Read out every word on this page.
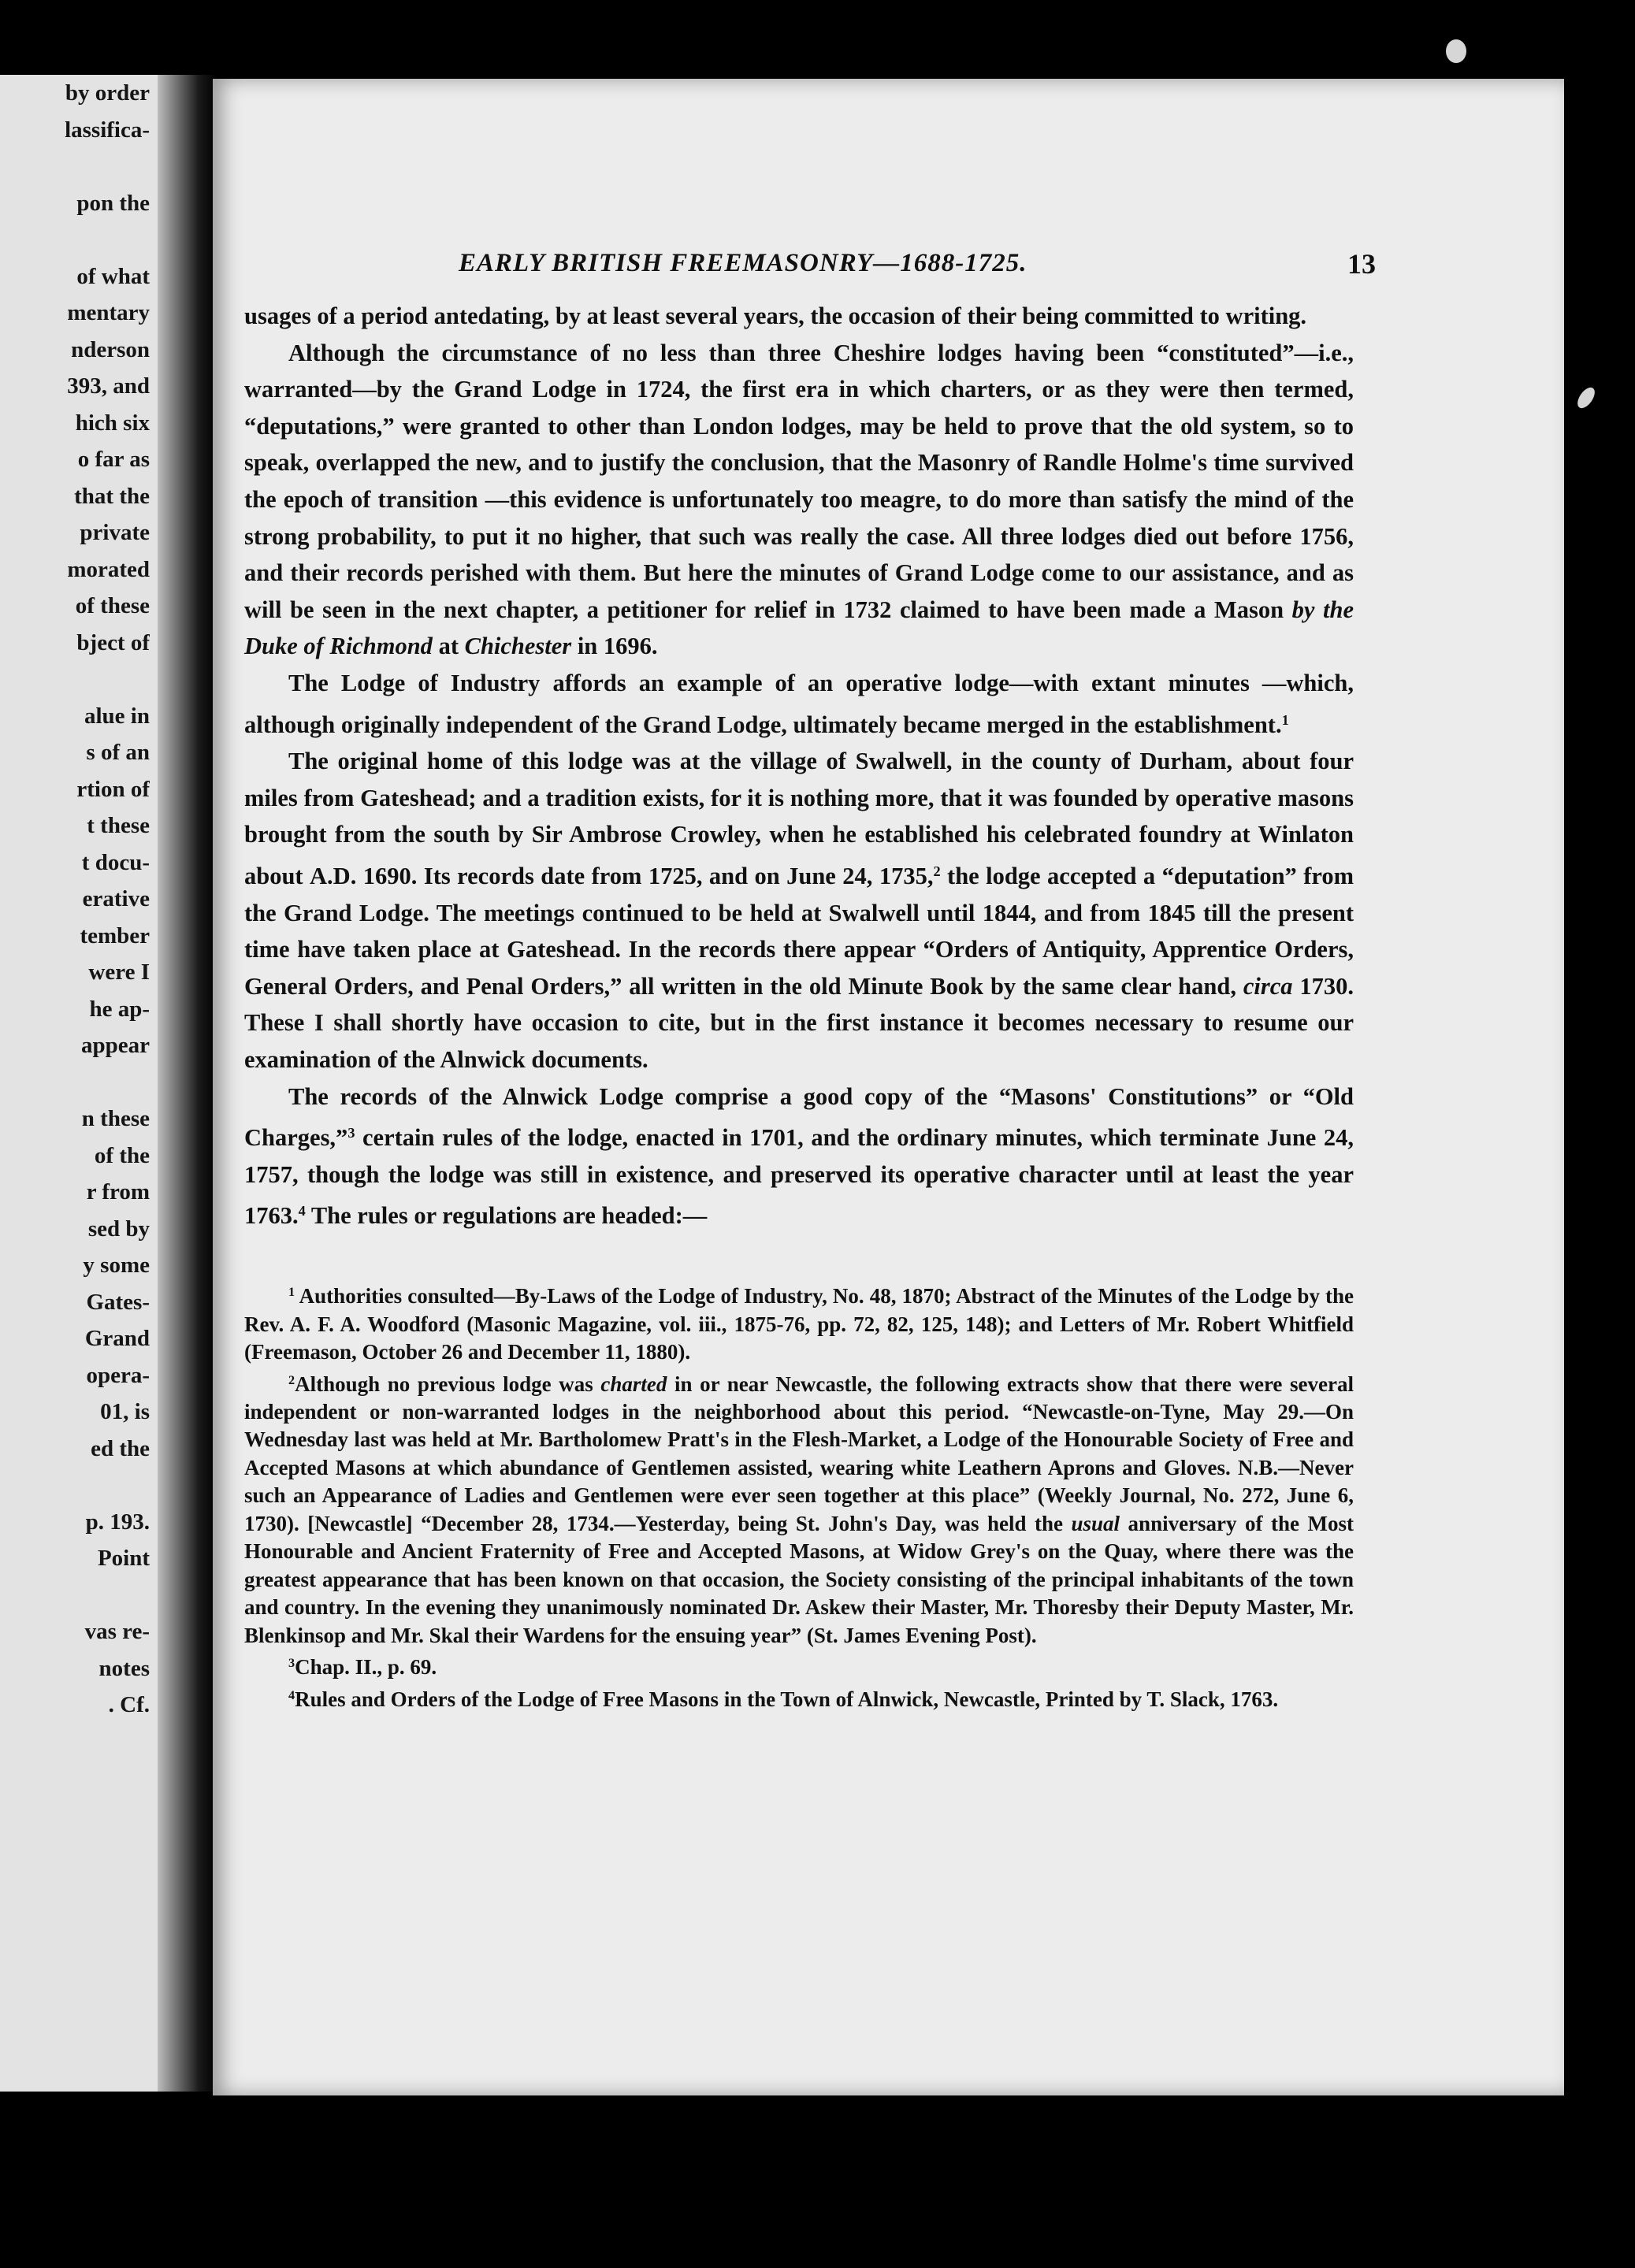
by order
lassifica-

pon the

of what
mentary
nderson
393, and
hich six
o far as
that the
private
morated
of these
bject of

alue in
s of an
rtion of
t these
t docu-
erative
tember
were I
he ap-
appear

n these
of the
r from
sed by
y some
Gates-
Grand
opera-
01, is
ed the

p. 193.
Point

vas re-
notes
. Cf.
EARLY BRITISH FREEMASONRY—1688-1725.	13

usages of a period antedating, by at least several years, the occasion of their being committed to writing.

Although the circumstance of no less than three Cheshire lodges having been “constituted”—i.e., warranted—by the Grand Lodge in 1724, the first era in which charters, or as they were then termed, “deputations,” were granted to other than London lodges, may be held to prove that the old system, so to speak, overlapped the new, and to justify the conclusion, that the Masonry of Randle Holme's time survived the epoch of transition —this evidence is unfortunately too meagre, to do more than satisfy the mind of the strong probability, to put it no higher, that such was really the case. All three lodges died out before 1756, and their records perished with them. But here the minutes of Grand Lodge come to our assistance, and as will be seen in the next chapter, a petitioner for relief in 1732 claimed to have been made a Mason by the Duke of Richmond at Chichester in 1696.

The Lodge of Industry affords an example of an operative lodge—with extant minutes —which, although originally independent of the Grand Lodge, ultimately became merged in the establishment.$^1$

The original home of this lodge was at the village of Swalwell, in the county of Durham, about four miles from Gateshead; and a tradition exists, for it is nothing more, that it was founded by operative masons brought from the south by Sir Ambrose Crowley, when he established his celebrated foundry at Winlaton about A.D. 1690. Its records date from 1725, and on June 24, 1735,$^2$ the lodge accepted a “deputation” from the Grand Lodge. The meetings continued to be held at Swalwell until 1844, and from 1845 till the present time have taken place at Gateshead. In the records there appear “Orders of Antiquity, Apprentice Orders, General Orders, and Penal Orders,” all written in the old Minute Book by the same clear hand, circa 1730. These I shall shortly have occasion to cite, but in the first instance it becomes necessary to resume our examination of the Alnwick documents.

The records of the Alnwick Lodge comprise a good copy of the “Masons' Constitutions” or “Old Charges,”$^3$ certain rules of the lodge, enacted in 1701, and the ordinary minutes, which terminate June 24, 1757, though the lodge was still in existence, and preserved its operative character until at least the year 1763.$^4$ The rules or regulations are headed:—

$^1$ Authorities consulted—By-Laws of the Lodge of Industry, No. 48, 1870; Abstract of the Minutes of the Lodge by the Rev. A. F. A. Woodford (Masonic Magazine, vol. iii., 1875-76, pp. 72, 82, 125, 148); and Letters of Mr. Robert Whitfield (Freemason, October 26 and December 11, 1880).

$^2$Although no previous lodge was charted in or near Newcastle, the following extracts show that there were several independent or non-warranted lodges in the neighborhood about this period. “Newcastle-on-Tyne, May 29.—On Wednesday last was held at Mr. Bartholomew Pratt's in the Flesh-Market, a Lodge of the Honourable Society of Free and Accepted Masons at which abundance of Gentlemen assisted, wearing white Leathern Aprons and Gloves. N.B.—Never such an Appearance of Ladies and Gentlemen were ever seen together at this place” (Weekly Journal, No. 272, June 6, 1730). [Newcastle] “December 28, 1734.—Yesterday, being St. John's Day, was held the usual anniversary of the Most Honourable and Ancient Fraternity of Free and Accepted Masons, at Widow Grey's on the Quay, where there was the greatest appearance that has been known on that occasion, the Society consisting of the principal inhabitants of the town and country. In the evening they unanimously nominated Dr. Askew their Master, Mr. Thoresby their Deputy Master, Mr. Blenkinsop and Mr. Skal their Wardens for the ensuing year” (St. James Evening Post).

$^3$Chap. II., p. 69.

$^4$Rules and Orders of the Lodge of Free Masons in the Town of Alnwick, Newcastle, Printed by T. Slack, 1763.
